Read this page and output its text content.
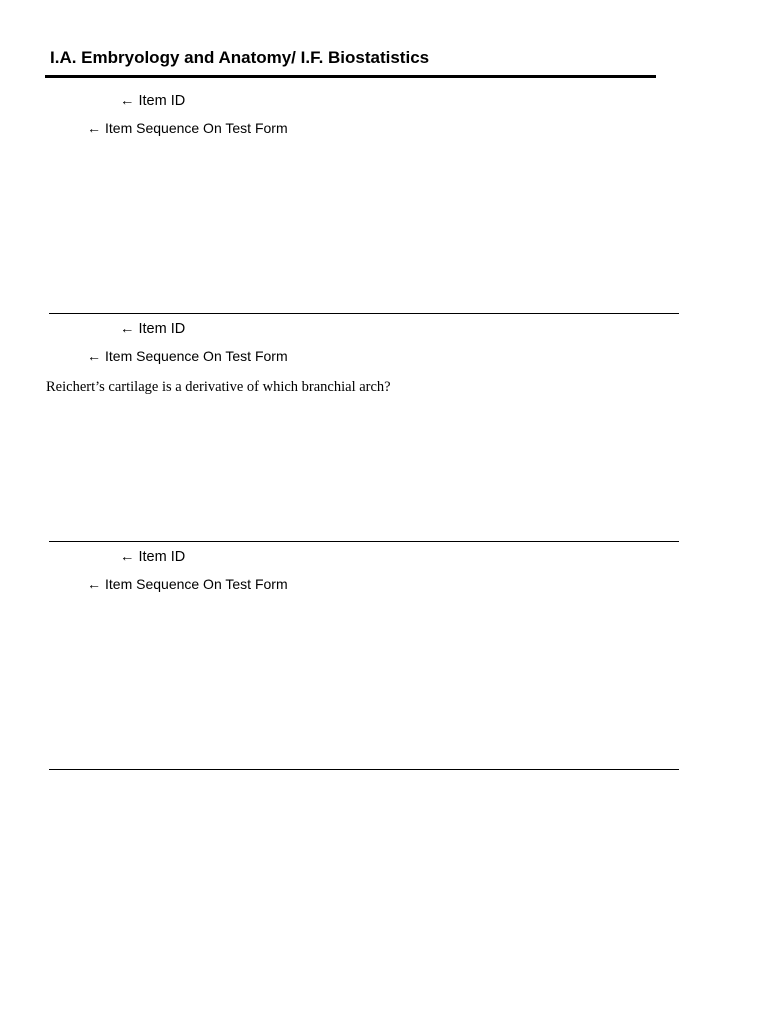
I.A. Embryology and Anatomy/ I.F. Biostatistics
← Item ID
← Item Sequence On Test Form
← Item ID
← Item Sequence On Test Form
Reichert’s cartilage is a derivative of which branchial arch?
← Item ID
← Item Sequence On Test Form
